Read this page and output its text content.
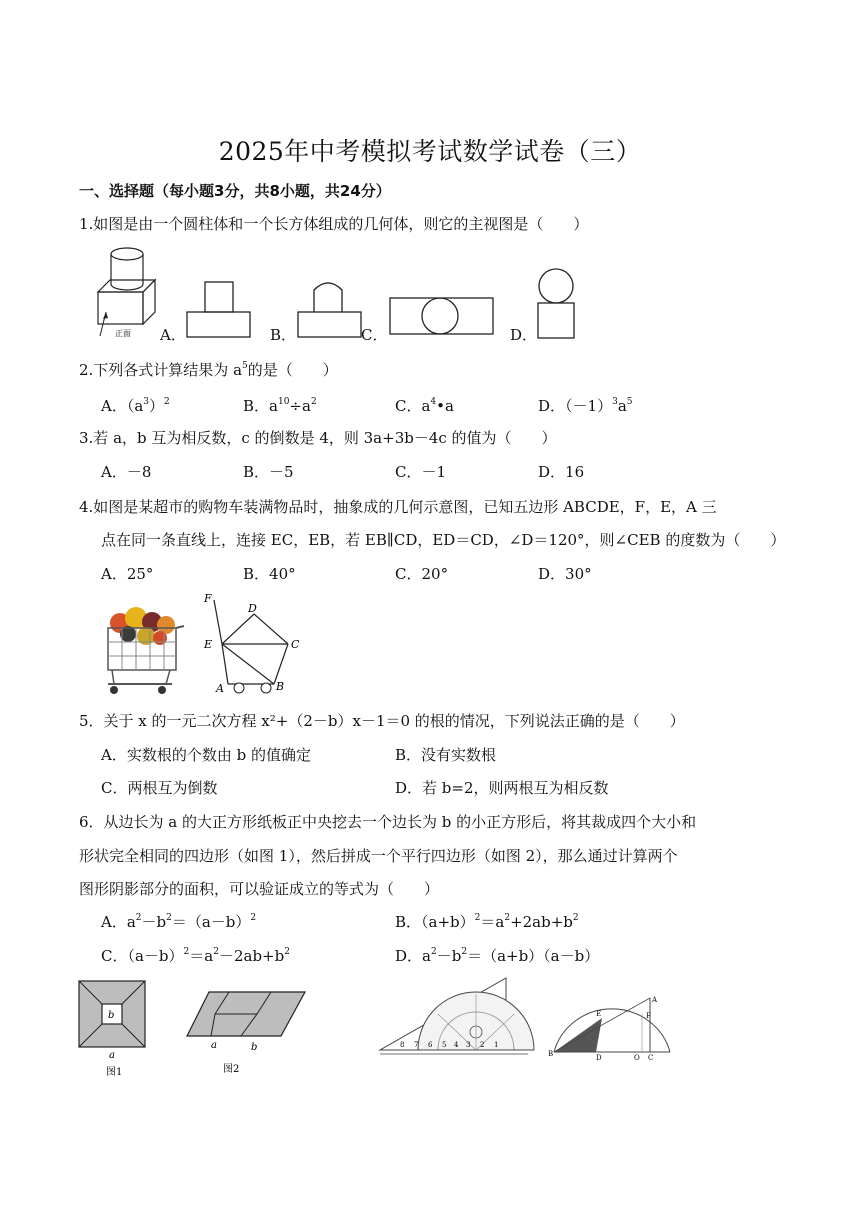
2025年中考模拟考试数学试卷（三）
一、选择题（每小题3分，共8小题，共24分）
1.如图是由一个圆柱体和一个长方体组成的几何体，则它的主视图是（　　）
正面 A．	B．	C．	D．
2.下列各式计算结果为 $a^5$的是（　　）
A．$(a^3)^2$	B．$a^{10}\div a^2$	C．$a^4•a$	D．$(-1)^3a^5$
3.若 a，b 互为相反数，c 的倒数是 4，则 3a+3b－4c 的值为（　　）
A．－8	B．－5	C．－1	D．16
4.如图是某超市的购物车装满物品时，抽象成的几何示意图，已知五边形 ABCDE，F，E，A 三
点在同一条直线上，连接 EC，EB，若 EB∥CD，ED＝CD，∠D＝120°，则∠CEB 的度数为（　　）
A．25°	B．40°	C．20°	D．30°
F
D
E	C
A	B
5．关于 x 的一元二次方程 x²+（2－b）x－1＝0 的根的情况，下列说法正确的是（　　）
A．实数根的个数由 b 的值确定	B．没有实数根
C．两根互为倒数	D．若 b=2，则两根互为相反数
6．从边长为 a 的大正方形纸板正中央挖去一个边长为 b 的小正方形后，将其裁成四个大小和
形状完全相同的四边形（如图 1），然后拼成一个平行四边形（如图 2），那么通过计算两个
图形阴影部分的面积，可以验证成立的等式为（　　）
A．$a^2-b^2=(a-b)^2$	B．$(a+b)^2=a^2+2ab+b^2$
C．$(a-b)^2=a^2-2ab+b^2$	D．$a^2-b^2=(a+b)(a-b)$
b
a
图1
a	b
图2
8 7 6 5 4 3 2 1
A
E	F
B	D	O C
